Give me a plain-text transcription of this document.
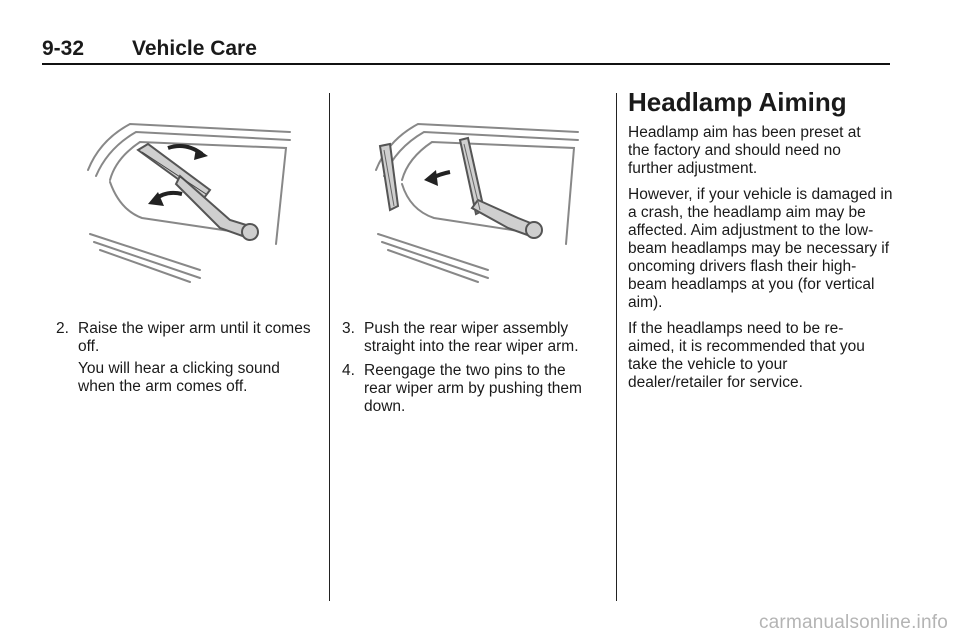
9-32 Vehicle Care
2. Raise the wiper arm until it comes off.
You will hear a clicking sound when the arm comes off.
3. Push the rear wiper assembly straight into the rear wiper arm.
4. Reengage the two pins to the rear wiper arm by pushing them down.
Headlamp Aiming

Headlamp aim has been preset at the factory and should need no further adjustment.

However, if your vehicle is damaged in a crash, the headlamp aim may be affected. Aim adjustment to the low-beam headlamps may be necessary if oncoming drivers flash their high-beam headlamps at you (for vertical aim).

If the headlamps need to be re-aimed, it is recommended that you take the vehicle to your dealer/retailer for service.

carmanualsonline.info
